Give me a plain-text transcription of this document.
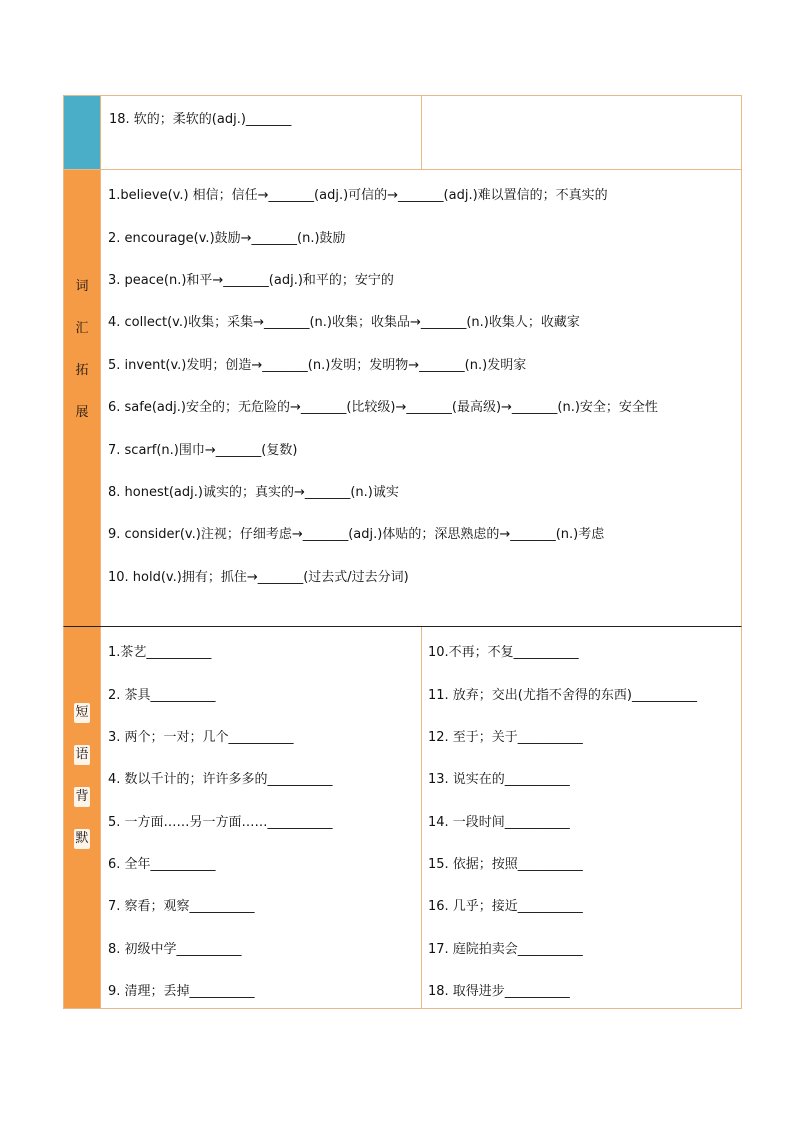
18. 软的；柔软的(adj.)_______
词
汇
拓
展
1.believe(v.) 相信；信任→_______(adj.)可信的→_______(adj.)难以置信的；不真实的
2. encourage(v.)鼓励→_______(n.)鼓励
3. peace(n.)和平→_______(adj.)和平的；安宁的
4. collect(v.)收集；采集→_______(n.)收集；收集品→_______(n.)收集人；收藏家
5. invent(v.)发明；创造→_______(n.)发明；发明物→_______(n.)发明家
6. safe(adj.)安全的；无危险的→_______(比较级)→_______(最高级)→_______(n.)安全；安全性
7. scarf(n.)围巾→_______(复数)
8. honest(adj.)诚实的；真实的→_______(n.)诚实
9. consider(v.)注视；仔细考虑→_______(adj.)体贴的；深思熟虑的→_______(n.)考虑
10. hold(v.)拥有；抓住→_______(过去式/过去分词)
短
语
背
默
1.茶艺__________
2. 茶具__________
3. 两个；一对；几个__________
4. 数以千计的；许许多多的__________
5. 一方面……另一方面……__________
6. 全年__________
7. 察看；观察__________
8. 初级中学__________
9. 清理；丢掉__________
10.不再；不复__________
11. 放弃；交出(尤指不舍得的东西)__________
12. 至于；关于__________
13. 说实在的__________
14. 一段时间__________
15. 依据；按照__________
16. 几乎；接近__________
17. 庭院拍卖会__________
18. 取得进步__________
